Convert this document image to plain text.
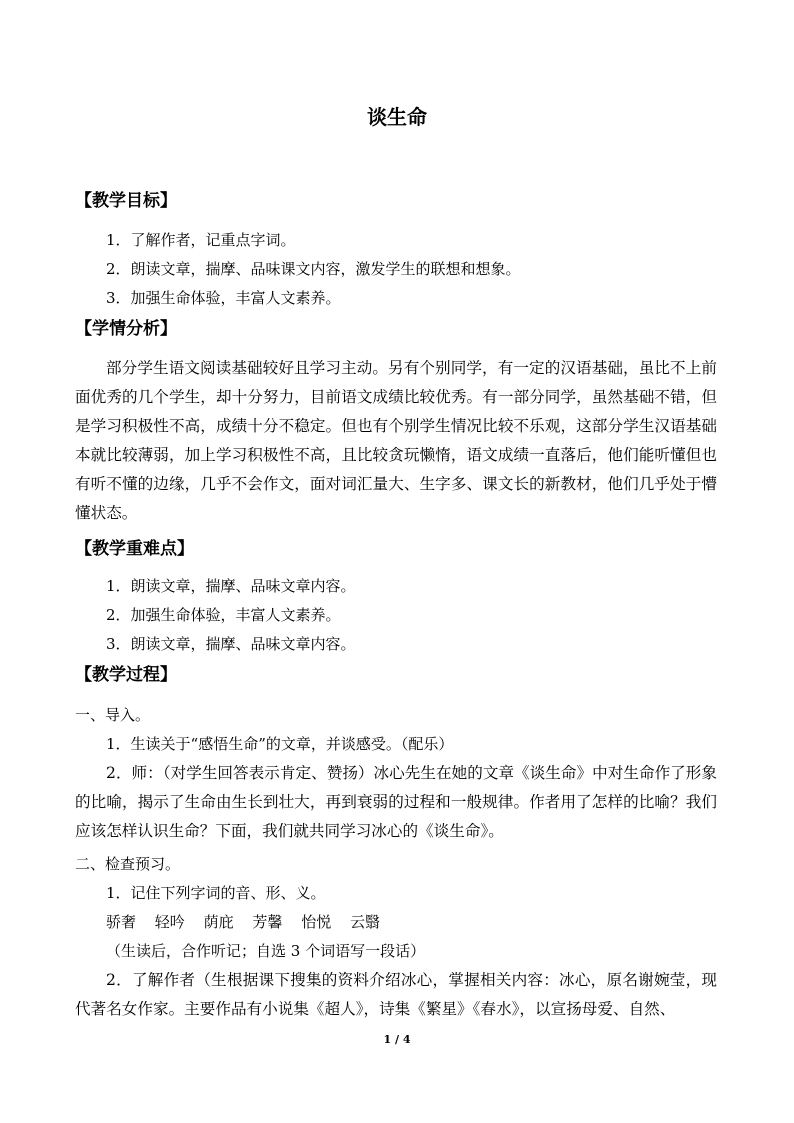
谈生命
【教学目标】
1．了解作者，记重点字词。
2．朗读文章，揣摩、品味课文内容，激发学生的联想和想象。
3．加强生命体验，丰富人文素养。
【学情分析】
部分学生语文阅读基础较好且学习主动。另有个别同学，有一定的汉语基础，虽比不上前面优秀的几个学生，却十分努力，目前语文成绩比较优秀。有一部分同学，虽然基础不错，但是学习积极性不高，成绩十分不稳定。但也有个别学生情况比较不乐观，这部分学生汉语基础本就比较薄弱，加上学习积极性不高，且比较贪玩懒惰，语文成绩一直落后，他们能听懂但也有听不懂的边缘，几乎不会作文，面对词汇量大、生字多、课文长的新教材，他们几乎处于懵懂状态。
【教学重难点】
1．朗读文章，揣摩、品味文章内容。
2．加强生命体验，丰富人文素养。
3．朗读文章，揣摩、品味文章内容。
【教学过程】
一、导入。
1．生读关于“感悟生命”的文章，并谈感受。（配乐）
2．师：（对学生回答表示肯定、赞扬）冰心先生在她的文章《谈生命》中对生命作了形象的比喻，揭示了生命由生长到壮大，再到衰弱的过程和一般规律。作者用了怎样的比喻？我们应该怎样认识生命？下面，我们就共同学习冰心的《谈生命》。
二、检查预习。
1．记住下列字词的音、形、义。
骄奢 轻吟 荫庇 芳馨 怡悦 云翳
（生读后，合作听记；自选 3 个词语写一段话）
2．了解作者（生根据课下搜集的资料介绍冰心，掌握相关内容：冰心，原名谢婉莹，现代著名女作家。主要作品有小说集《超人》，诗集《繁星》《春水》，以宣扬母爱、自然、
1 / 4
